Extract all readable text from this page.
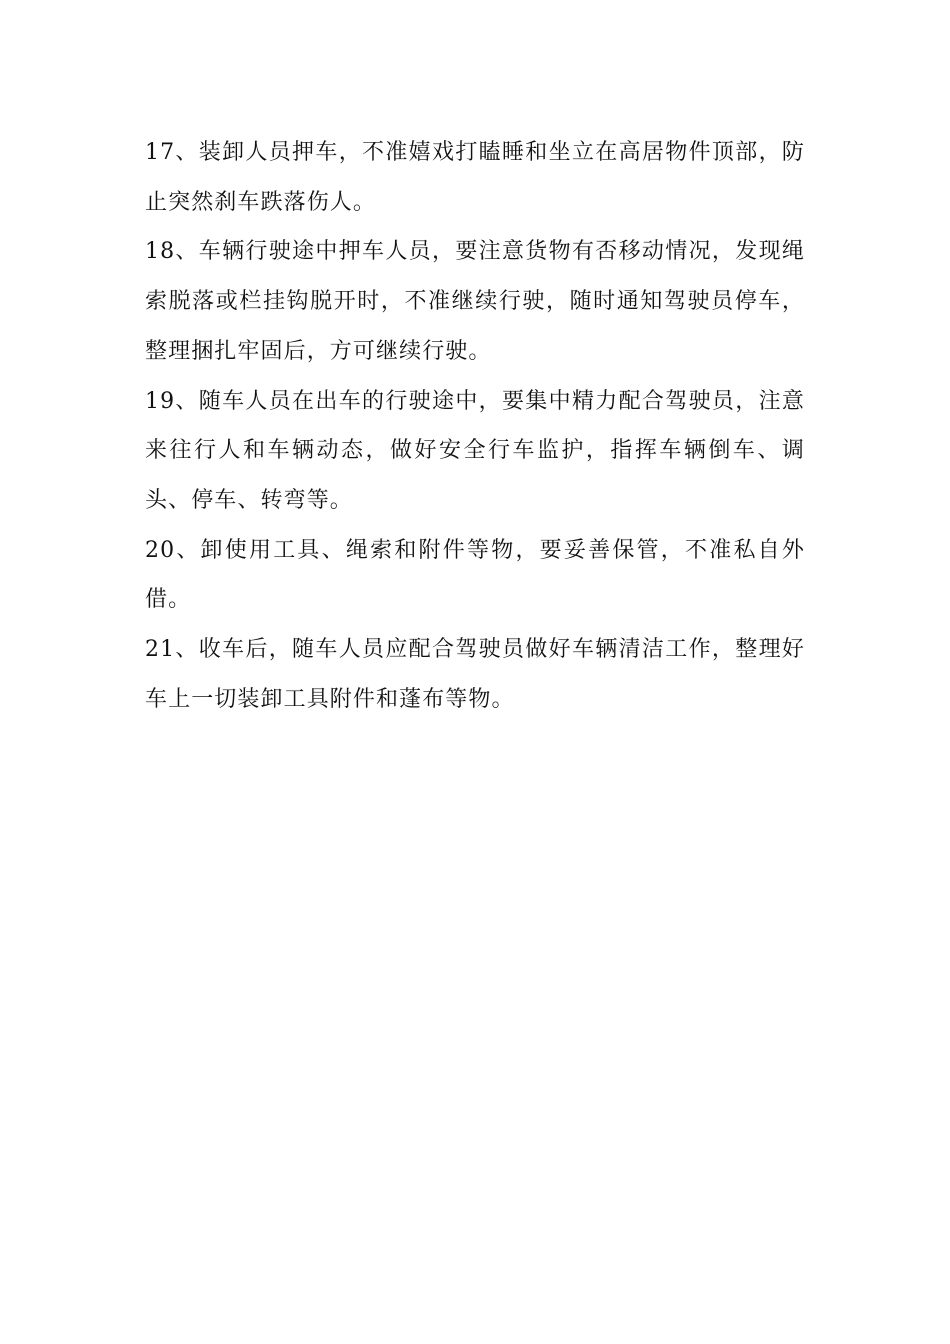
17、装卸人员押车，不准嬉戏打瞌睡和坐立在高居物件顶部，防止突然刹车跌落伤人。

18、车辆行驶途中押车人员，要注意货物有否移动情况，发现绳索脱落或栏挂钩脱开时，不准继续行驶，随时通知驾驶员停车，整理捆扎牢固后，方可继续行驶。

19、随车人员在出车的行驶途中，要集中精力配合驾驶员，注意来往行人和车辆动态，做好安全行车监护，指挥车辆倒车、调头、停车、转弯等。

20、卸使用工具、绳索和附件等物，要妥善保管，不准私自外借。

21、收车后，随车人员应配合驾驶员做好车辆清洁工作，整理好车上一切装卸工具附件和蓬布等物。
